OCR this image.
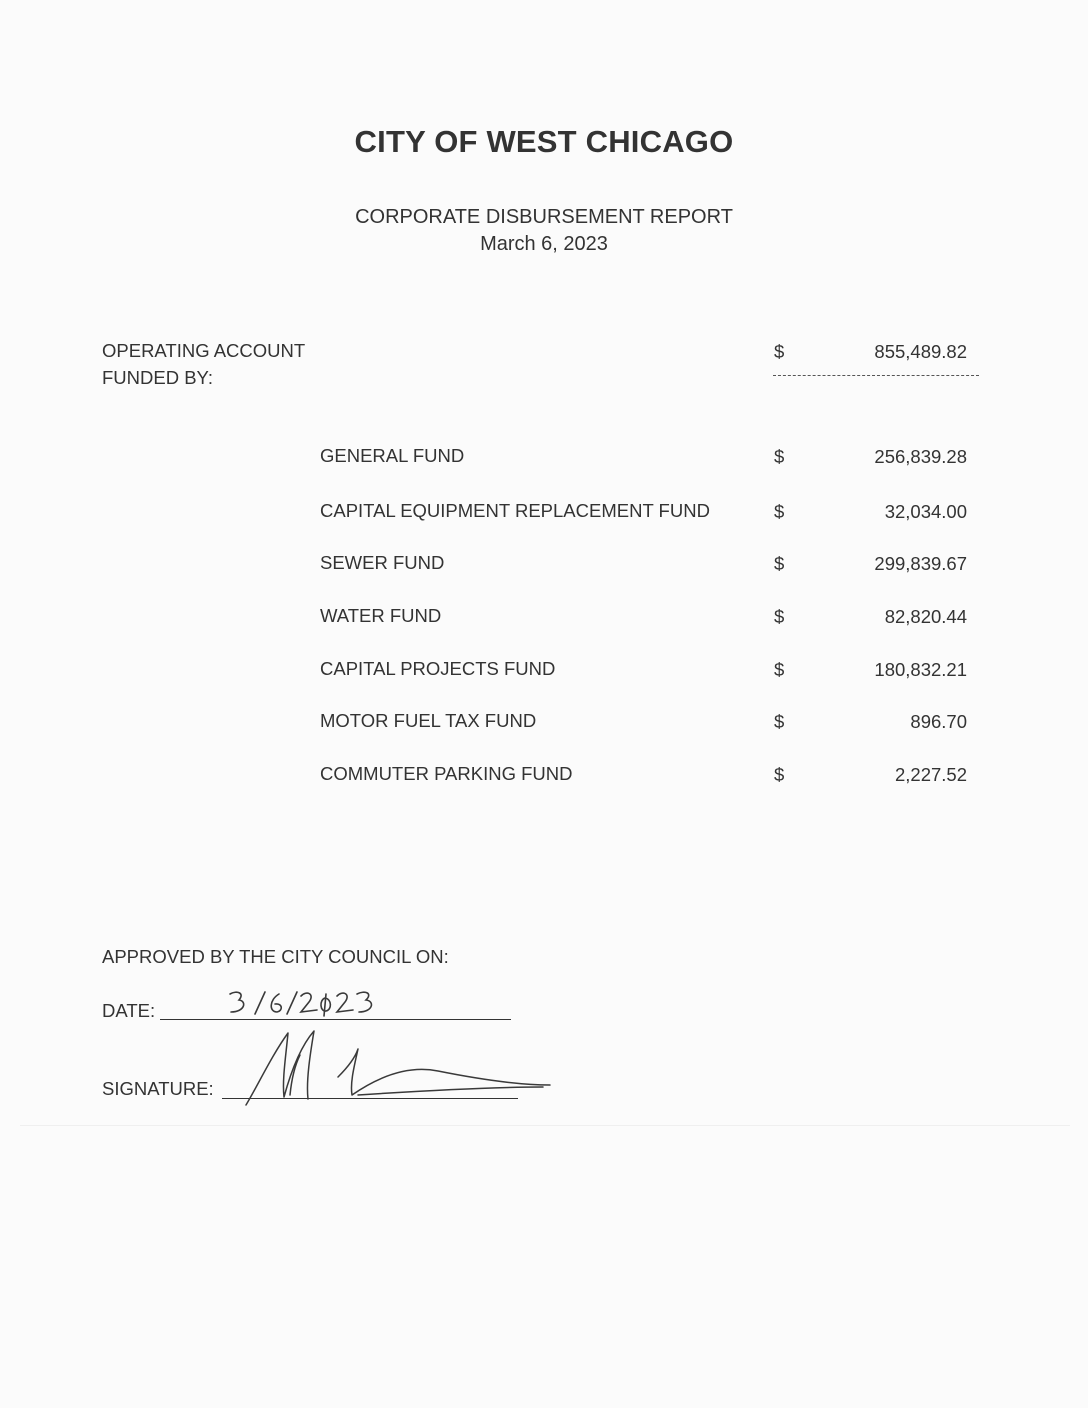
CITY OF WEST CHICAGO
CORPORATE DISBURSEMENT REPORT
March 6, 2023
OPERATING ACCOUNT
FUNDED BY:
$	855,489.82
GENERAL FUND	$	256,839.28
CAPITAL EQUIPMENT REPLACEMENT FUND	$	32,034.00
SEWER FUND	$	299,839.67
WATER FUND	$	82,820.44
CAPITAL PROJECTS FUND	$	180,832.21
MOTOR FUEL TAX FUND	$	896.70
COMMUTER PARKING FUND	$	2,227.52
APPROVED BY THE CITY COUNCIL ON:
DATE:
SIGNATURE:
